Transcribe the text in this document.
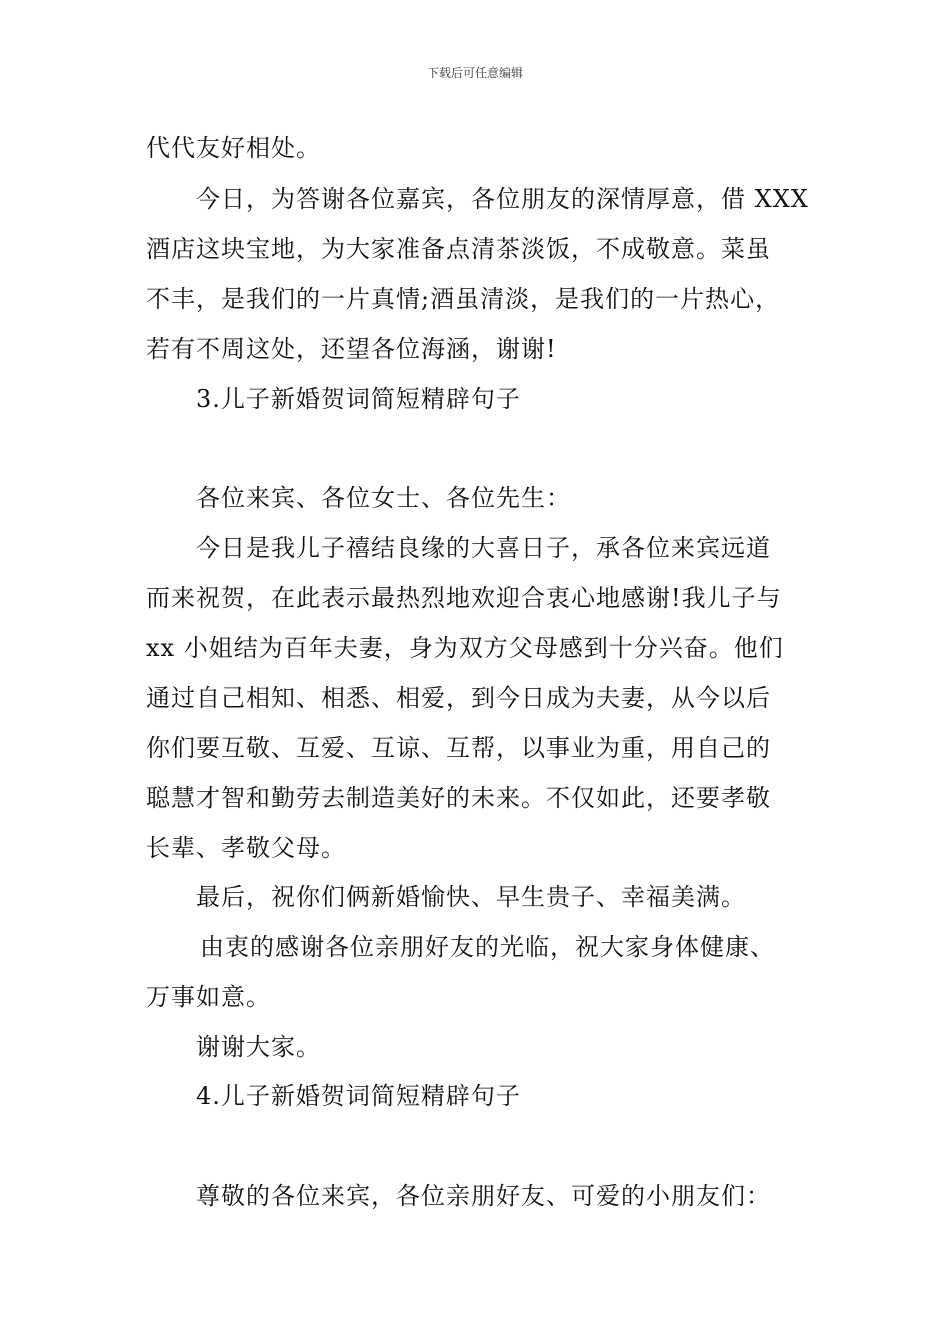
下载后可任意编辑
代代友好相处。
今日，为答谢各位嘉宾，各位朋友的深情厚意，借 XXX
酒店这块宝地，为大家准备点清茶淡饭，不成敬意。菜虽
不丰，是我们的一片真情;酒虽清淡，是我们的一片热心，
若有不周这处，还望各位海涵，谢谢!
3.儿子新婚贺词简短精辟句子
各位来宾、各位女士、各位先生：
今日是我儿子禧结良缘的大喜日子，承各位来宾远道
而来祝贺，在此表示最热烈地欢迎合衷心地感谢!我儿子与
xx 小姐结为百年夫妻，身为双方父母感到十分兴奋。他们
通过自己相知、相悉、相爱，到今日成为夫妻，从今以后
你们要互敬、互爱、互谅、互帮，以事业为重，用自己的
聪慧才智和勤劳去制造美好的未来。不仅如此，还要孝敬
长辈、孝敬父母。
最后，祝你们俩新婚愉快、早生贵子、幸福美满。
由衷的感谢各位亲朋好友的光临，祝大家身体健康、
万事如意。
谢谢大家。
4.儿子新婚贺词简短精辟句子
尊敬的各位来宾，各位亲朋好友、可爱的小朋友们：
